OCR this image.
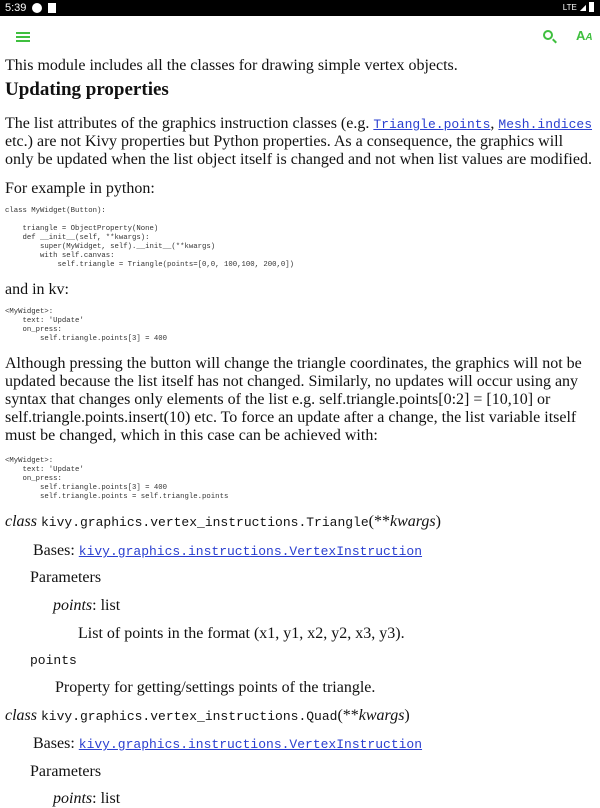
5:39	LTE ◢
AA
This module includes all the classes for drawing simple vertex objects.
Updating properties
The list attributes of the graphics instruction classes (e.g. Triangle.points, Mesh.indices
etc.) are not Kivy properties but Python properties. As a consequence, the graphics will
only be updated when the list object itself is changed and not when list values are modified.
For example in python:
class MyWidget(Button):

triangle = ObjectProperty(None)
def __init__(self, **kwargs):
super(MyWidget, self).__init__(**kwargs)
with self.canvas:
self.triangle = Triangle(points=[0,0, 100,100, 200,0])
and in kv:
<MyWidget>:
text: 'Update'
on_press:
self.triangle.points[3] = 400
Although pressing the button will change the triangle coordinates, the graphics will not be
updated because the list itself has not changed. Similarly, no updates will occur using any
syntax that changes only elements of the list e.g. self.triangle.points[0:2] = [10,10] or
self.triangle.points.insert(10) etc. To force an update after a change, the list variable itself
must be changed, which in this case can be achieved with:
<MyWidget>:
text: 'Update'
on_press:
self.triangle.points[3] = 400
self.triangle.points = self.triangle.points
class kivy.graphics.vertex_instructions.Triangle(**kwargs)
Bases: kivy.graphics.instructions.VertexInstruction
Parameters
points: list
List of points in the format (x1, y1, x2, y2, x3, y3).
points
Property for getting/settings points of the triangle.
class kivy.graphics.vertex_instructions.Quad(**kwargs)
Bases: kivy.graphics.instructions.VertexInstruction
Parameters
points: list
